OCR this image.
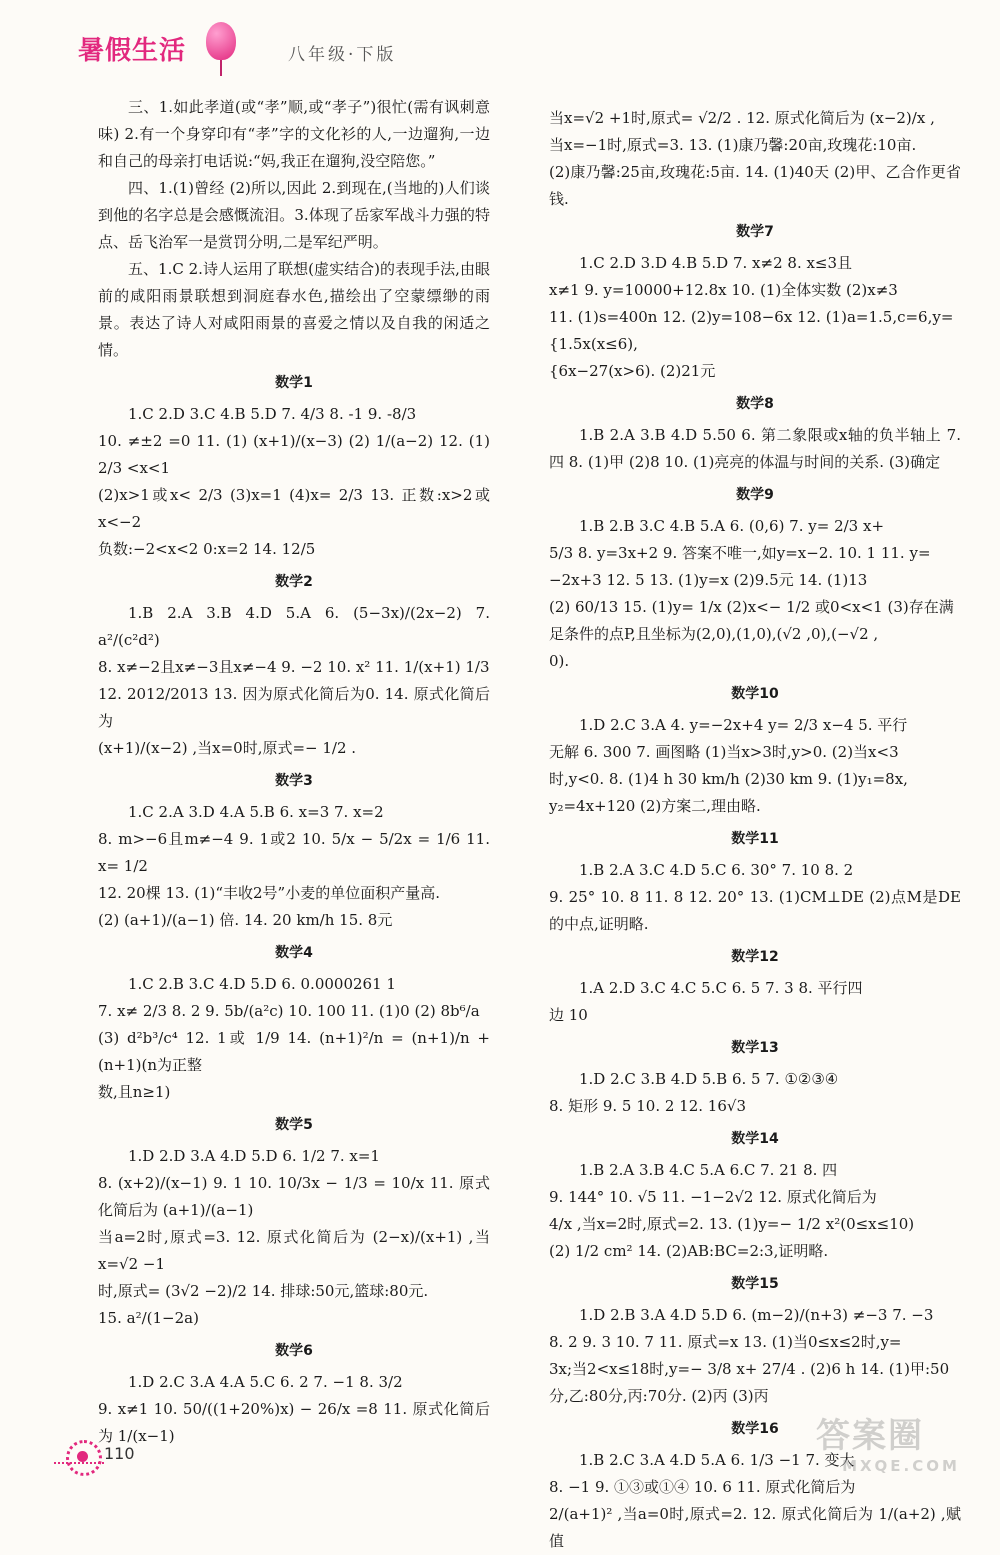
暑假生活	八年级·下版
三、1.如此孝道(或“孝”顺,或“孝子”)很忙(需有讽刺意味) 2.有一个身穿印有“孝”字的文化衫的人,一边遛狗,一边和自己的母亲打电话说:“妈,我正在遛狗,没空陪您。”
四、1.(1)曾经 (2)所以,因此 2.到现在,(当地的)人们谈到他的名字总是会感慨流泪。3.体现了岳家军战斗力强的特点、岳飞治军一是赏罚分明,二是军纪严明。
五、1.C 2.诗人运用了联想(虚实结合)的表现手法,由眼前的咸阳雨景联想到洞庭春水色,描绘出了空蒙缥缈的雨景。表达了诗人对咸阳雨景的喜爱之情以及自我的闲适之情。
数学1
1.C 2.D 3.C 4.B 5.D 7. 4/3 8. -1 9. -8/3
10. ≠±2 =0 11. (1) (x+1)/(x−3) (2) 1/(a−2) 12. (1) 2/3 <x<1
(2)x>1或x< 2/3 (3)x=1 (4)x= 2/3 13. 正数:x>2或x<−2
负数:−2<x<2 0:x=2 14. 12/5
数学2
1.B 2.A 3.B 4.D 5.A 6. (5−3x)/(2x−2) 7. a²/(c²d²)
8. x≠−2且x≠−3且x≠−4 9. −2 10. x² 11. 1/(x+1) 1/3
12. 2012/2013 13. 因为原式化简后为0. 14. 原式化简后为
(x+1)/(x−2) ,当x=0时,原式=− 1/2 .
数学3
1.C 2.A 3.D 4.A 5.B 6. x=3 7. x=2
8. m>−6且m≠−4 9. 1或2 10. 5/x − 5/2x = 1/6 11. x= 1/2
12. 20棵 13. (1)“丰收2号”小麦的单位面积产量高.
(2) (a+1)/(a−1) 倍. 14. 20 km/h 15. 8元
数学4
1.C 2.B 3.C 4.D 5.D 6. 0.0000261 1
7. x≠ 2/3 8. 2 9. 5b/(a²c) 10. 100 11. (1)0 (2) 8b⁶/a
(3) d²b³/c⁴ 12. 1或 1/9 14. (n+1)²/n = (n+1)/n + (n+1)(n为正整
数,且n≥1)
数学5
1.D 2.D 3.A 4.D 5.D 6. 1/2 7. x=1
8. (x+2)/(x−1) 9. 1 10. 10/3x − 1/3 = 10/x 11. 原式化简后为 (a+1)/(a−1)
当a=2时,原式=3. 12. 原式化简后为 (2−x)/(x+1) ,当x=√2 −1
时,原式= (3√2 −2)/2 14. 排球:50元,篮球:80元.
15. a²/(1−2a)
数学6
1.D 2.C 3.A 4.A 5.C 6. 2 7. −1 8. 3/2
9. x≠1 10. 50/((1+20%)x) − 26/x =8 11. 原式化简后为 1/(x−1)
当x=√2 +1时,原式= √2/2 . 12. 原式化简后为 (x−2)/x ,
当x=−1时,原式=3. 13. (1)康乃馨:20亩,玫瑰花:10亩.
(2)康乃馨:25亩,玫瑰花:5亩. 14. (1)40天 (2)甲、乙合作更省钱.
数学7
1.C 2.D 3.D 4.B 5.D 7. x≠2 8. x≤3且
x≠1 9. y=10000+12.8x 10. (1)全体实数 (2)x≠3
11. (1)s=400n 12. (2)y=108−6x 12. (1)a=1.5,c=6,y=
{1.5x(x≤6),
{6x−27(x>6). (2)21元
数学8
1.B 2.A 3.B 4.D 5.50 6. 第二象限或x轴的负半轴上 7. 四 8. (1)甲 (2)8 10. (1)亮亮的体温与时间的关系. (3)确定
数学9
1.B 2.B 3.C 4.B 5.A 6. (0,6) 7. y= 2/3 x+
5/3 8. y=3x+2 9. 答案不唯一,如y=x−2. 10. 1 11. y=
−2x+3 12. 5 13. (1)y=x (2)9.5元 14. (1)13
(2) 60/13 15. (1)y= 1/x (2)x<− 1/2 或0<x<1 (3)存在满
足条件的点P,且坐标为(2,0),(1,0),(√2 ,0),(−√2 ,
0).
数学10
1.D 2.C 3.A 4. y=−2x+4 y= 2/3 x−4 5. 平行
无解 6. 300 7. 画图略 (1)当x>3时,y>0. (2)当x<3
时,y<0. 8. (1)4 h 30 km/h (2)30 km 9. (1)y₁=8x,
y₂=4x+120 (2)方案二,理由略.
数学11
1.B 2.A 3.C 4.D 5.C 6. 30° 7. 10 8. 2
9. 25° 10. 8 11. 8 12. 20° 13. (1)CM⊥DE (2)点M是DE的中点,证明略.
数学12
1.A 2.D 3.C 4.C 5.C 6. 5 7. 3 8. 平行四
边 10
数学13
1.D 2.C 3.B 4.D 5.B 6. 5 7. ①②③④
8. 矩形 9. 5 10. 2 12. 16√3
数学14
1.B 2.A 3.B 4.C 5.A 6.C 7. 21 8. 四
9. 144° 10. √5 11. −1−2√2 12. 原式化简后为
4/x ,当x=2时,原式=2. 13. (1)y=− 1/2 x²(0≤x≤10)
(2) 1/2 cm² 14. (2)AB:BC=2:3,证明略.
数学15
1.D 2.B 3.A 4.D 5.D 6. (m−2)/(n+3) ≠−3 7. −3
8. 2 9. 3 10. 7 11. 原式=x 13. (1)当0≤x≤2时,y=
3x;当2<x≤18时,y=− 3/8 x+ 27/4 . (2)6 h 14. (1)甲:50
分,乙:80分,丙:70分. (2)丙 (3)丙
数学16
1.B 2.C 3.A 4.D 5.A 6. 1/3 −1 7. 变大
8. −1 9. ①③或①④ 10. 6 11. 原式化简后为
2/(a+1)² ,当a=0时,原式=2. 12. 原式化简后为 1/(a+2) ,赋值
110	答案圈
MXQE.COM
